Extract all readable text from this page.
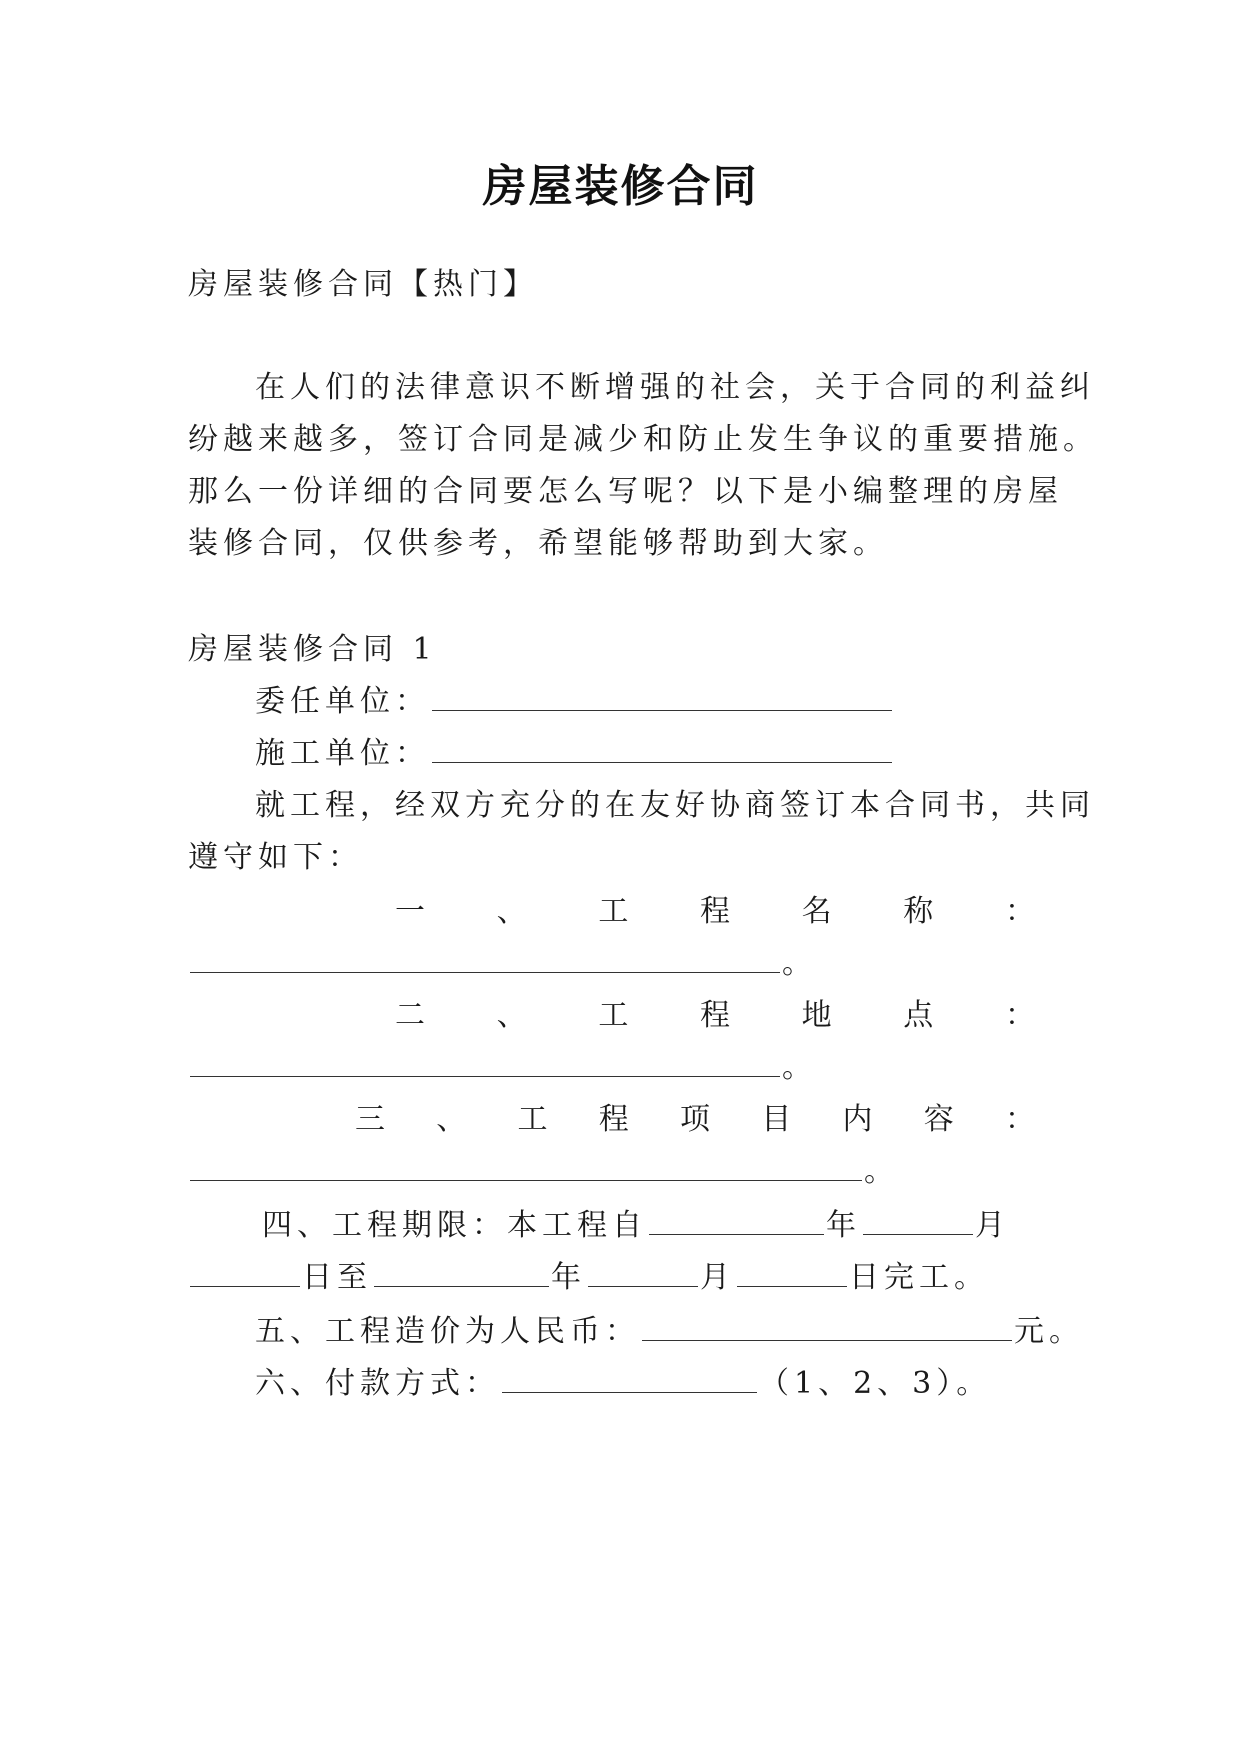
房屋装修合同
房屋装修合同【热门】
在人们的法律意识不断增强的社会，关于合同的利益纠
纷越来越多，签订合同是减少和防止发生争议的重要措施。
那么一份详细的合同要怎么写呢？以下是小编整理的房屋
装修合同，仅供参考，希望能够帮助到大家。
房屋装修合同 1
委任单位：
施工单位：
就工程，经双方充分的在友好协商签订本合同书，共同
遵守如下：
一 、 工 程 名 称 ：
。
二 、 工 程 地 点 ：
。
三 、 工 程 项 目 内 容 ：
。
四、工程期限：本工程自	年	月
日至	年	月	日完工。
五、工程造价为人民币：	元。
六、付款方式：	（1、2、3）。
